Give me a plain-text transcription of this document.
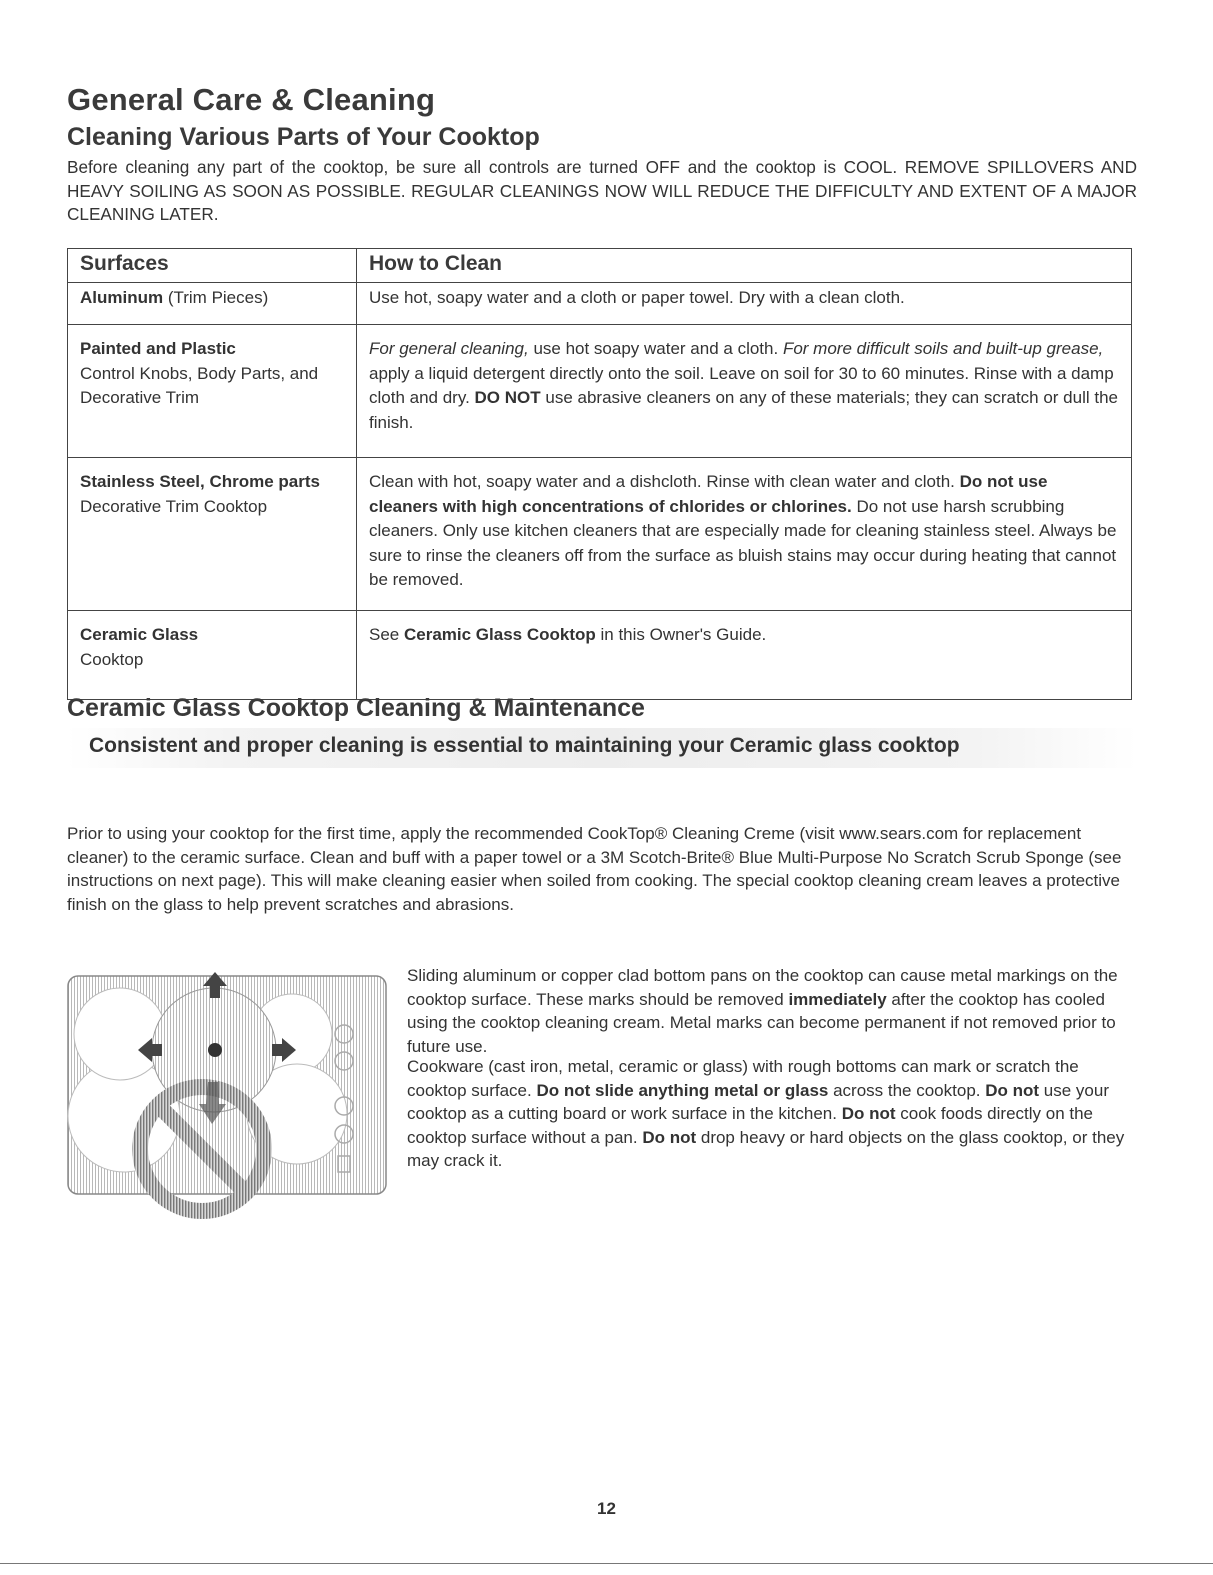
General Care & Cleaning
Cleaning Various Parts of Your Cooktop

Before cleaning any part of the cooktop, be sure all controls are turned OFF and the cooktop is COOL. REMOVE SPILLOVERS AND HEAVY SOILING AS SOON AS POSSIBLE. REGULAR CLEANINGS NOW WILL REDUCE THE DIFFICULTY AND EXTENT OF A MAJOR CLEANING LATER.

Surfaces	How to Clean
Aluminum (Trim Pieces)	Use hot, soapy water and a cloth or paper towel. Dry with a clean cloth.

Painted and Plastic
Control Knobs, Body Parts, and Decorative Trim	For general cleaning, use hot soapy water and a cloth. For more difficult soils and built-up grease, apply a liquid detergent directly onto the soil. Leave on soil for 30 to 60 minutes. Rinse with a damp cloth and dry. DO NOT use abrasive cleaners on any of these materials; they can scratch or dull the finish.

Stainless Steel, Chrome parts
Decorative Trim Cooktop	Clean with hot, soapy water and a dishcloth. Rinse with clean water and cloth. Do not use cleaners with high concentrations of chlorides or chlorines. Do not use harsh scrubbing cleaners. Only use kitchen cleaners that are especially made for cleaning stainless steel. Always be sure to rinse the cleaners off from the surface as bluish stains may occur during heating that cannot be removed.

Ceramic Glass
Cooktop	See Ceramic Glass Cooktop in this Owner's Guide.
Ceramic Glass Cooktop Cleaning & Maintenance
Consistent and proper cleaning is essential to maintaining your Ceramic glass cooktop

Prior to using your cooktop for the first time, apply the recommended CookTop® Cleaning Creme (visit www.sears.com for replacement cleaner) to the ceramic surface. Clean and buff with a paper towel or a 3M Scotch-Brite® Blue Multi-Purpose No Scratch Scrub Sponge (see instructions on next page). This will make cleaning easier when soiled from cooking. The special cooktop cleaning cream leaves a protective finish on the glass to help prevent scratches and abrasions.

Sliding aluminum or copper clad bottom pans on the cooktop can cause metal markings on the cooktop surface. These marks should be removed immediately after the cooktop has cooled using the cooktop cleaning cream. Metal marks can become permanent if not removed prior to future use.

Cookware (cast iron, metal, ceramic or glass) with rough bottoms can mark or scratch the cooktop surface. Do not slide anything metal or glass across the cooktop. Do not use your cooktop as a cutting board or work surface in the kitchen. Do not cook foods directly on the cooktop surface without a pan. Do not drop heavy or hard objects on the glass cooktop, or they may crack it.

12
